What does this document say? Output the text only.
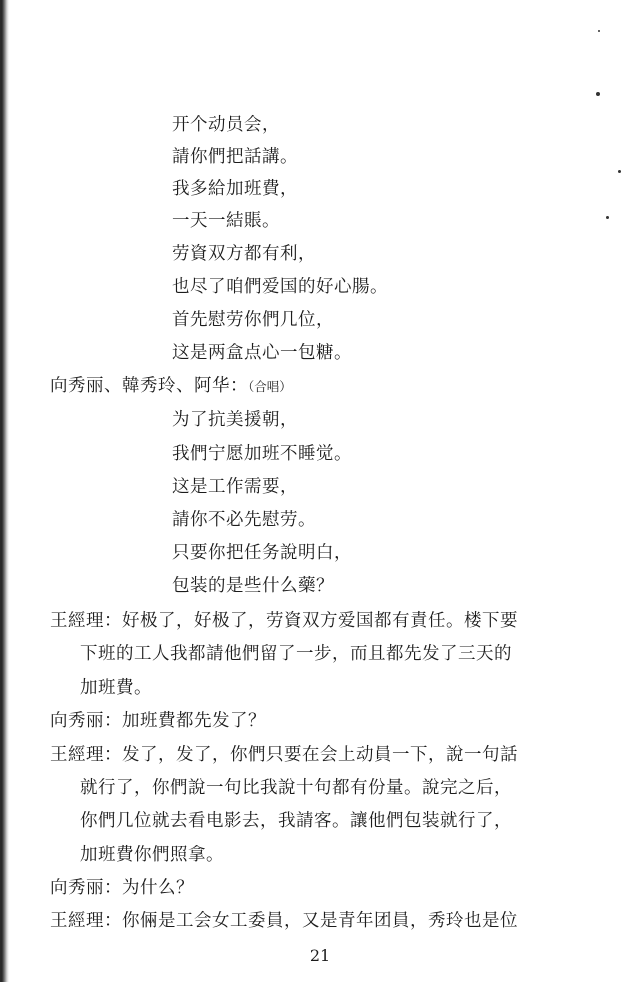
开个动员会，
請你們把話講。
我多給加班費，
一天一結賬。
劳資双方都有利，
也尽了咱們爱国的好心腸。
首先慰劳你們几位，
这是两盒点心一包糖。
向秀丽、韓秀玲、阿华：（合唱）
为了抗美援朝，
我們宁愿加班不睡觉。
这是工作需要，
請你不必先慰劳。
只要你把任务說明白，
包装的是些什么藥？
王經理：好极了，好极了，劳資双方爱国都有責任。楼下要
下班的工人我都請他們留了一步，而且都先发了三天的
加班費。
向秀丽：加班費都先发了？
王經理：发了，发了，你們只要在会上动員一下，說一句話
就行了，你們說一句比我說十句都有份量。說完之后，
你們几位就去看电影去，我請客。讓他們包装就行了，
加班費你們照拿。
向秀丽：为什么？
王經理：你倆是工会女工委員，又是青年团員，秀玲也是位
21
